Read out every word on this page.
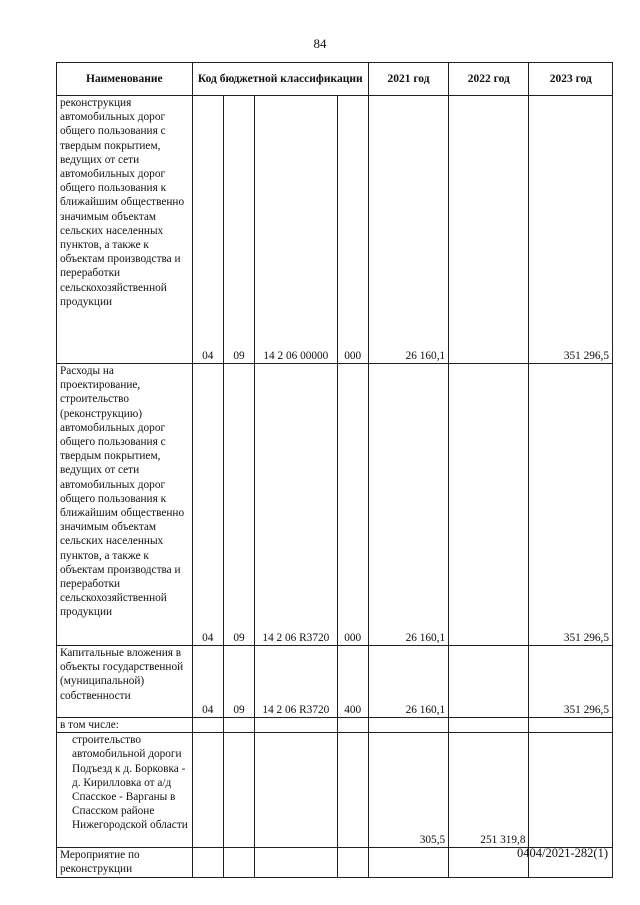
84
Наименование	Код бюджетной классификации				2021 год	2022 год	2023 год
реконструкция автомобильных дорог общего пользования с твердым покрытием, ведущих от сети автомобильных дорог общего пользования к ближайшим общественно значимым объектам сельских населенных пунктов, а также к объектам производства и переработки сельскохозяйственной продукции	04	09	14 2 06 00000	000	26 160,1		351 296,5
Расходы на проектирование, строительство (реконструкцию) автомобильных дорог общего пользования с твердым покрытием, ведущих от сети автомобильных дорог общего пользования к ближайшим общественно значимым объектам сельских населенных пунктов, а также к объектам производства и переработки сельскохозяйственной продукции	04	09	14 2 06 R3720	000	26 160,1		351 296,5
Капитальные вложения в объекты государственной (муниципальной) собственности	04	09	14 2 06 R3720	400	26 160,1		351 296,5
в том числе:							
строительство автомобильной дороги Подъезд к д. Борковка - д. Кирилловка от а/д Спасское - Варганы в Спасском районе Нижегородской области					305,5	251 319,8	
Мероприятие по реконструкции							
0404/2021-282(1)
